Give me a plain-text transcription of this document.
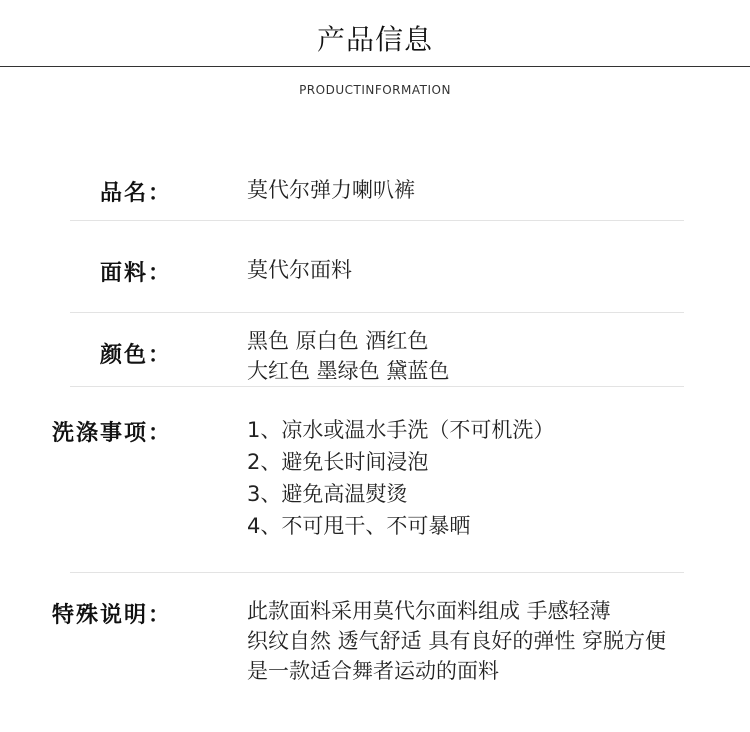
产品信息
PRODUCTINFORMATION
品名：	莫代尔弹力喇叭裤
面料：	莫代尔面料
颜色：
黑色 原白色 酒红色
大红色 墨绿色 黛蓝色
洗涤事项：	1、凉水或温水手洗（不可机洗）
2、避免长时间浸泡
3、避免高温熨烫
4、不可甩干、不可暴晒
特殊说明：	此款面料采用莫代尔面料组成 手感轻薄
织纹自然 透气舒适 具有良好的弹性 穿脱方便
是一款适合舞者运动的面料
